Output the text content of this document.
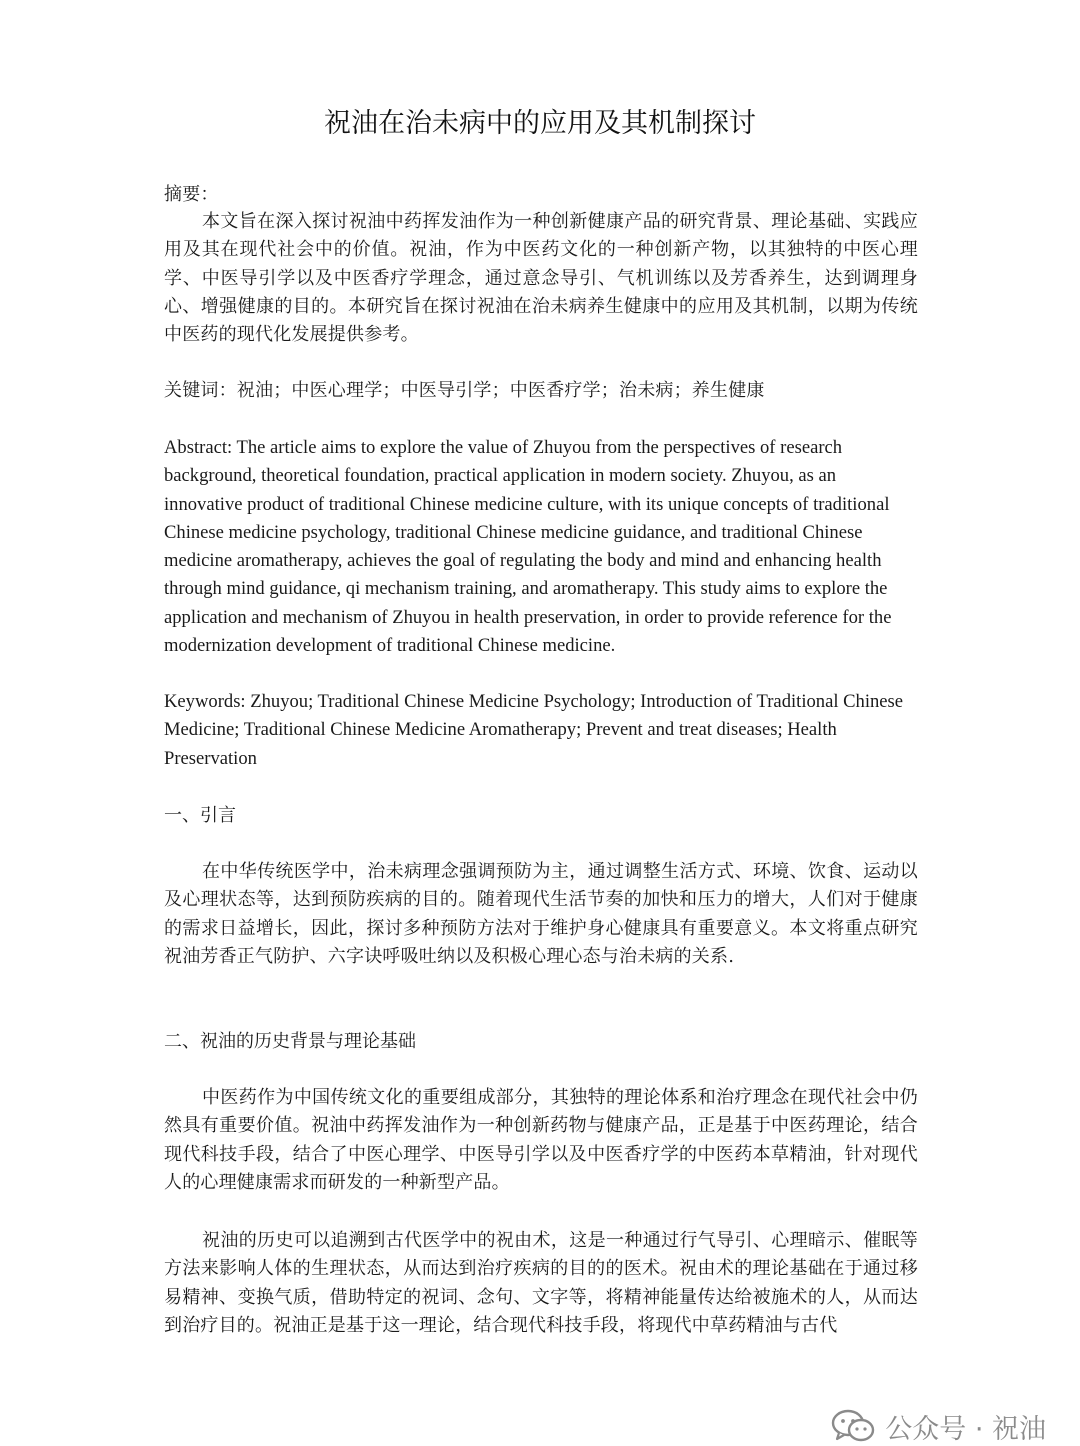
祝油在治未病中的应用及其机制探讨

摘要：

本文旨在深入探讨祝油中药挥发油作为一种创新健康产品的研究背景、理论基础、实践应用及其在现代社会中的价值。祝油，作为中医药文化的一种创新产物，以其独特的中医心理学、中医导引学以及中医香疗学理念，通过意念导引、气机训练以及芳香养生，达到调理身心、增强健康的目的。本研究旨在探讨祝油在治未病养生健康中的应用及其机制，以期为传统中医药的现代化发展提供参考。

关键词：祝油；中医心理学；中医导引学；中医香疗学；治未病；养生健康

Abstract: The article aims to explore the value of Zhuyou from the perspectives of research background, theoretical foundation, practical application in modern society. Zhuyou, as an innovative product of traditional Chinese medicine culture, with its unique concepts of traditional Chinese medicine psychology, traditional Chinese medicine guidance, and traditional Chinese medicine aromatherapy, achieves the goal of regulating the body and mind and enhancing health through mind guidance, qi mechanism training, and aromatherapy. This study aims to explore the application and mechanism of Zhuyou in health preservation, in order to provide reference for the modernization development of traditional Chinese medicine.

Keywords: Zhuyou; Traditional Chinese Medicine Psychology; Introduction of Traditional Chinese Medicine; Traditional Chinese Medicine Aromatherapy; Prevent and treat diseases; Health Preservation

一、引言

在中华传统医学中，治未病理念强调预防为主，通过调整生活方式、环境、饮食、运动以及心理状态等，达到预防疾病的目的。随着现代生活节奏的加快和压力的增大，人们对于健康的需求日益增长，因此，探讨多种预防方法对于维护身心健康具有重要意义。本文将重点研究祝油芳香正气防护、六字诀呼吸吐纳以及积极心理心态与治未病的关系.

二、祝油的历史背景与理论基础

中医药作为中国传统文化的重要组成部分，其独特的理论体系和治疗理念在现代社会中仍然具有重要价值。祝油中药挥发油作为一种创新药物与健康产品，正是基于中医药理论，结合现代科技手段，结合了中医心理学、中医导引学以及中医香疗学的中医药本草精油，针对现代人的心理健康需求而研发的一种新型产品。

祝油的历史可以追溯到古代医学中的祝由术，这是一种通过行气导引、心理暗示、催眠等方法来影响人体的生理状态，从而达到治疗疾病的目的的医术。祝由术的理论基础在于通过移易精神、变换气质，借助特定的祝词、念句、文字等，将精神能量传达给被施术的人，从而达到治疗目的。祝油正是基于这一理论，结合现代科技手段，将现代中草药精油与古代

公众号 · 祝油
